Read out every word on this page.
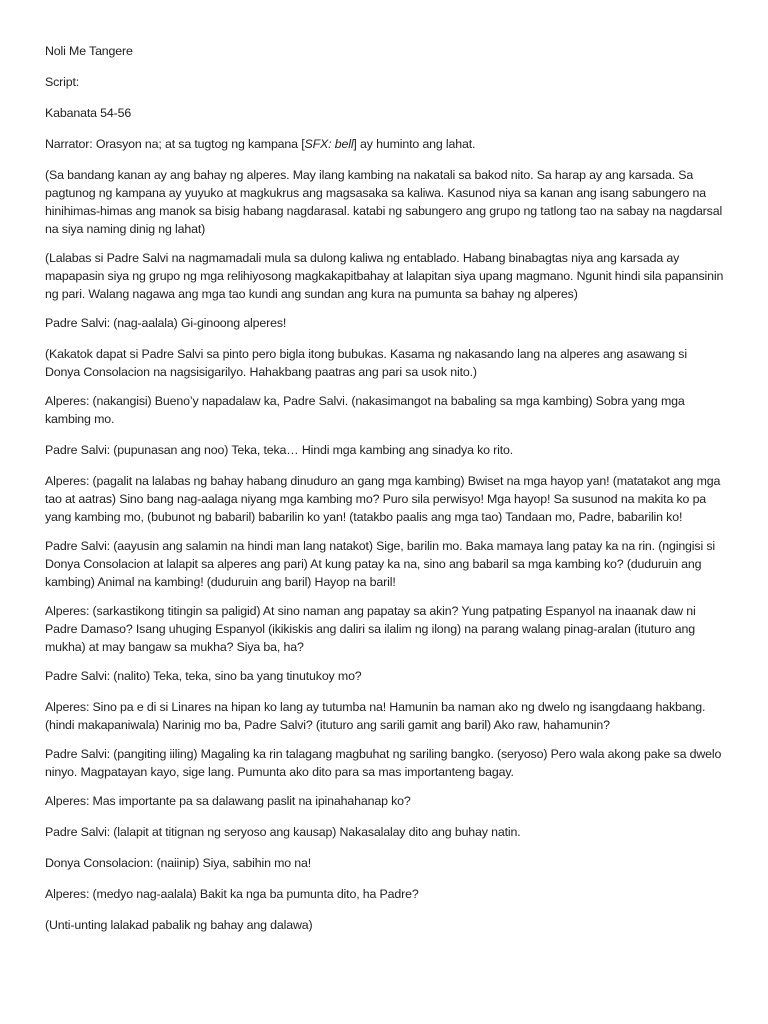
Noli Me Tangere

Script:

Kabanata 54-56

Narrator: Orasyon na; at sa tugtog ng kampana [SFX: bell] ay huminto ang lahat.

(Sa bandang kanan ay ang bahay ng alperes. May ilang kambing na nakatali sa bakod nito. Sa harap ay ang karsada. Sa pagtunog ng kampana ay yuyuko at magkukrus ang magsasaka sa kaliwa. Kasunod niya sa kanan ang isang sabungero na hinihimas-himas ang manok sa bisig habang nagdarasal. katabi ng sabungero ang grupo ng tatlong tao na sabay na nagdarsal na siya naming dinig ng lahat)

(Lalabas si Padre Salvi na nagmamadali mula sa dulong kaliwa ng entablado. Habang binabagtas niya ang karsada ay mapapasin siya ng grupo ng mga relihiyosong magkakapitbahay at lalapitan siya upang magmano. Ngunit hindi sila papansinin ng pari. Walang nagawa ang mga tao kundi ang sundan ang kura na pumunta sa bahay ng alperes)

Padre Salvi: (nag-aalala) Gi-ginoong alperes!

(Kakatok dapat si Padre Salvi sa pinto pero bigla itong bubukas. Kasama ng nakasando lang na alperes ang asawang si Donya Consolacion na nagsisigarilyo. Hahakbang paatras ang pari sa usok nito.)

Alperes: (nakangisi) Bueno’y napadalaw ka, Padre Salvi. (nakasimangot na babaling sa mga kambing) Sobra yang mga kambing mo.

Padre Salvi: (pupunasan ang noo) Teka, teka… Hindi mga kambing ang sinadya ko rito.

Alperes: (pagalit na lalabas ng bahay habang dinuduro an gang mga kambing) Bwiset na mga hayop yan! (matatakot ang mga tao at aatras) Sino bang nag-aalaga niyang mga kambing mo? Puro sila perwisyo! Mga hayop! Sa susunod na makita ko pa yang kambing mo, (bubunot ng babaril) babarilin ko yan! (tatakbo paalis ang mga tao) Tandaan mo, Padre, babarilin ko!

Padre Salvi: (aayusin ang salamin na hindi man lang natakot) Sige, barilin mo. Baka mamaya lang patay ka na rin. (ngingisi si Donya Consolacion at lalapit sa alperes ang pari) At kung patay ka na, sino ang babaril sa mga kambing ko? (duduruin ang kambing) Animal na kambing! (duduruin ang baril) Hayop na baril!

Alperes: (sarkastikong titingin sa paligid) At sino naman ang papatay sa akin? Yung patpating Espanyol na inaanak daw ni Padre Damaso? Isang uhuging Espanyol (ikikiskis ang daliri sa ilalim ng ilong) na parang walang pinag-aralan (ituturo ang mukha) at may bangaw sa mukha? Siya ba, ha?

Padre Salvi: (nalito) Teka, teka, sino ba yang tinutukoy mo?

Alperes: Sino pa e di si Linares na hipan ko lang ay tutumba na! Hamunin ba naman ako ng dwelo ng isangdaang hakbang. (hindi makapaniwala) Narinig mo ba, Padre Salvi? (ituturo ang sarili gamit ang baril) Ako raw, hahamunin?

Padre Salvi: (pangiting iiling) Magaling ka rin talagang magbuhat ng sariling bangko. (seryoso) Pero wala akong pake sa dwelo ninyo. Magpatayan kayo, sige lang. Pumunta ako dito para sa mas importanteng bagay.

Alperes: Mas importante pa sa dalawang paslit na ipinahahanap ko?

Padre Salvi: (lalapit at titignan ng seryoso ang kausap) Nakasalalay dito ang buhay natin.

Donya Consolacion: (naiinip) Siya, sabihin mo na!

Alperes: (medyo nag-aalala) Bakit ka nga ba pumunta dito, ha Padre?

(Unti-unting lalakad pabalik ng bahay ang dalawa)
